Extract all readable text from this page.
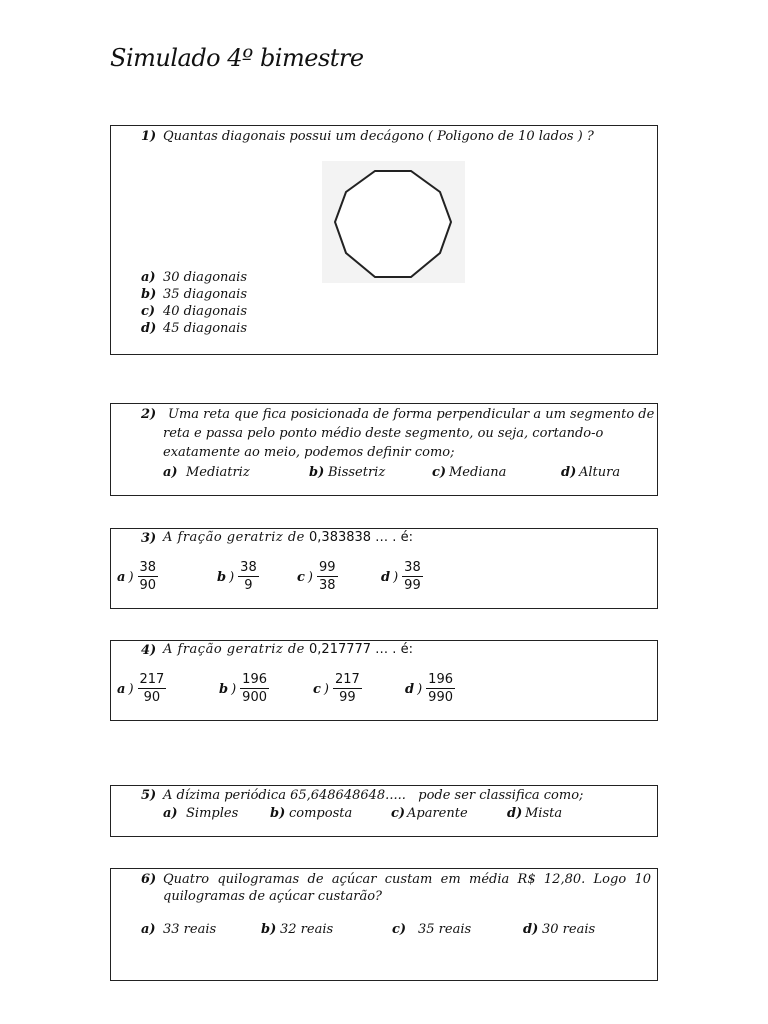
Simulado 4º bimestre
1) Quantas diagonais possui um decágono ( Poligono de 10 lados ) ?
a) 30 diagonais
b) 35 diagonais
c) 40 diagonais
d) 45 diagonais
2) Uma reta que fica posicionada de forma perpendicular a um segmento de
reta e passa pelo ponto médio deste segmento, ou seja, cortando-o
exatamente ao meio, podemos definir como;
a) Mediatriz	b) Bissetriz	c) Mediana	d) Altura
3) A fração geratriz de 0,383838 … . é:
a ) $\frac{38}{90}$	b ) $\frac{38}{9}$	c ) $\frac{99}{38}$	d ) $\frac{38}{99}$
4) A fração geratriz de 0,217777 … . é:
a ) $\frac{217}{90}$	b ) $\frac{196}{900}$	c ) $\frac{217}{99}$	d ) $\frac{196}{990}$
5) A dízima periódica 65,648648648.....   pode ser classifica como;
a) Simples b) composta	c) Aparente	d) Mista
6) Quatro quilogramas de açúcar custam em média R$ 12,80. Logo 10
quilogramas de açúcar custarão?
a) 33 reais	b) 32 reais	c) 35 reais	d) 30 reais
